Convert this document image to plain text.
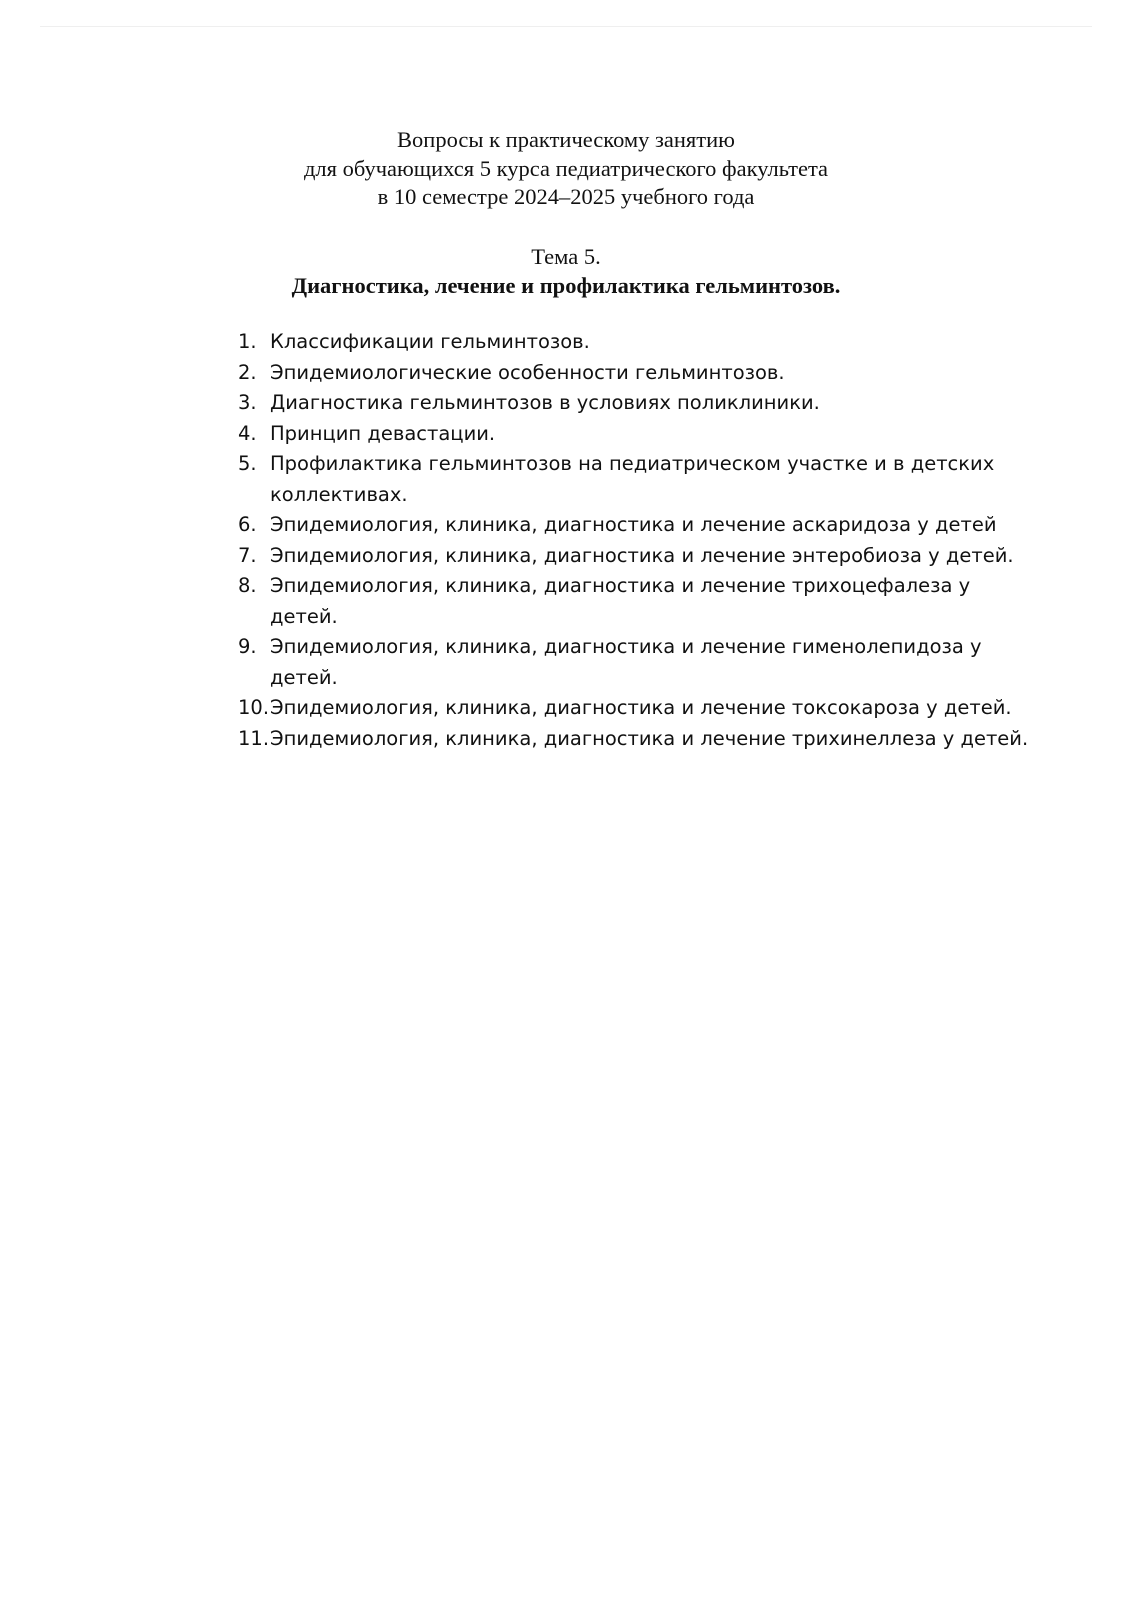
Вопросы к практическому занятию
для обучающихся 5 курса педиатрического факультета
в 10 семестре 2024–2025 учебного года
Тема 5.
Диагностика, лечение и профилактика гельминтозов.
1. Классификации гельминтозов.
2. Эпидемиологические особенности гельминтозов.
3. Диагностика гельминтозов в условиях поликлиники.
4. Принцип девастации.
5. Профилактика гельминтозов на педиатрическом участке и в детских коллективах.
6. Эпидемиология, клиника, диагностика и лечение аскаридоза у детей
7. Эпидемиология, клиника, диагностика и лечение энтеробиоза у детей.
8. Эпидемиология, клиника, диагностика и лечение трихоцефалеза у детей.
9. Эпидемиология, клиника, диагностика и лечение гименолепидоза у детей.
10. Эпидемиология, клиника, диагностика и лечение токсокароза у детей.
11. Эпидемиология, клиника, диагностика и лечение трихинеллеза у детей.
